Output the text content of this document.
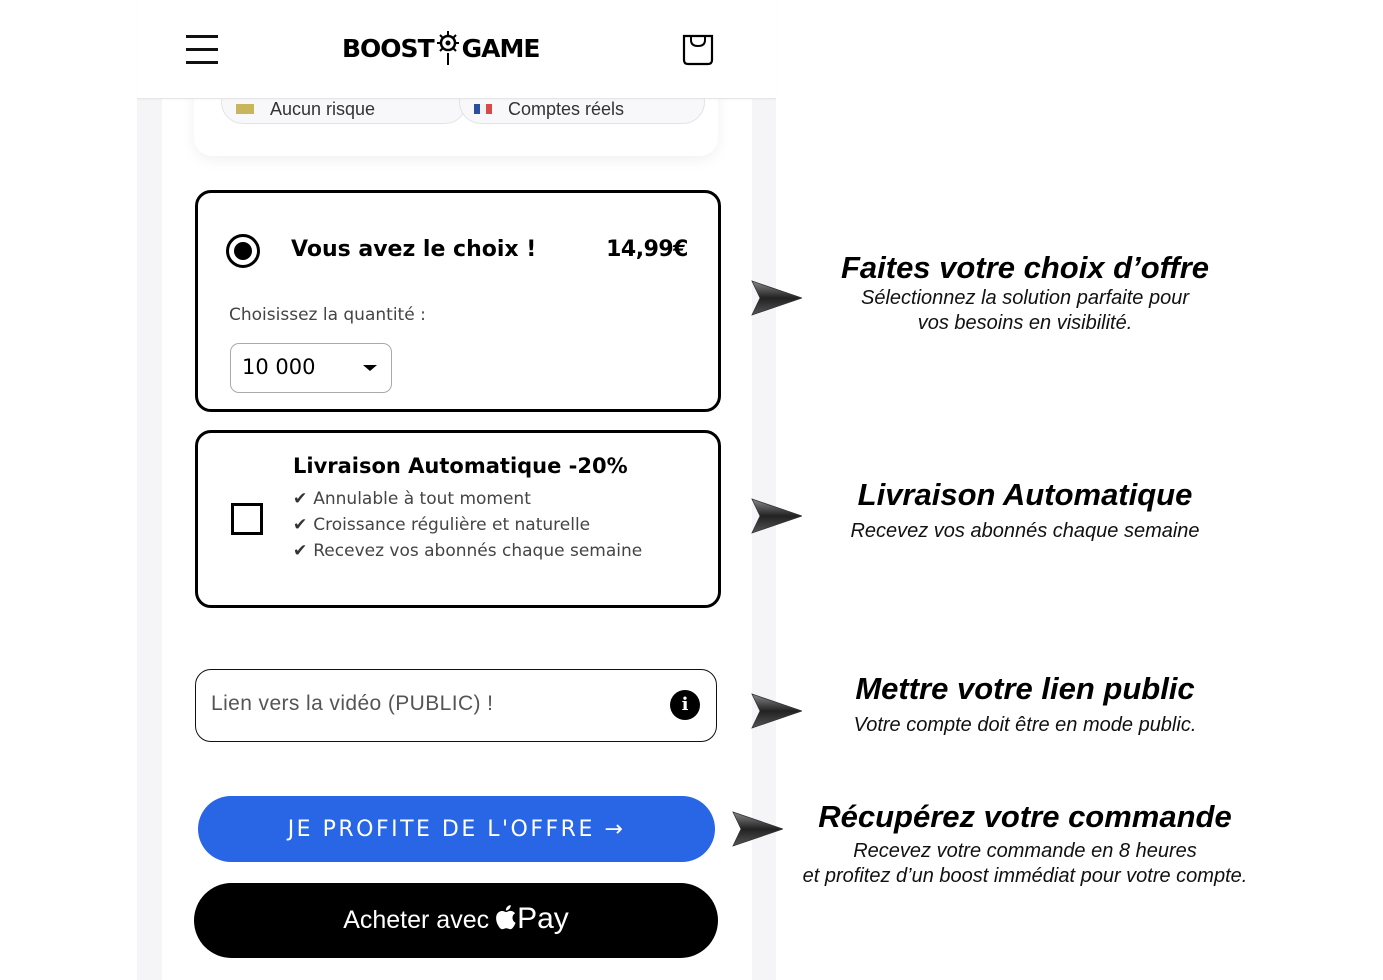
Aucun risque	Comptes réels
BOOST GAME
Vous avez le choix !	14,99€
Choisissez la quantité :
10 000
Livraison Automatique -20%
✔ Annulable à tout moment
✔ Croissance régulière et naturelle
✔ Recevez vos abonnés chaque semaine
Lien vers la vidéo (PUBLIC) !	i
JE PROFITE DE L'OFFRE →
Acheter avec Pay
Faites votre choix d’offre
Sélectionnez la solution parfaite pour
vos besoins en visibilité.
Livraison Automatique
Recevez vos abonnés chaque semaine
Mettre votre lien public
Votre compte doit être en mode public.
Récupérez votre commande
Recevez votre commande en 8 heures
et profitez d’un boost immédiat pour votre compte.
